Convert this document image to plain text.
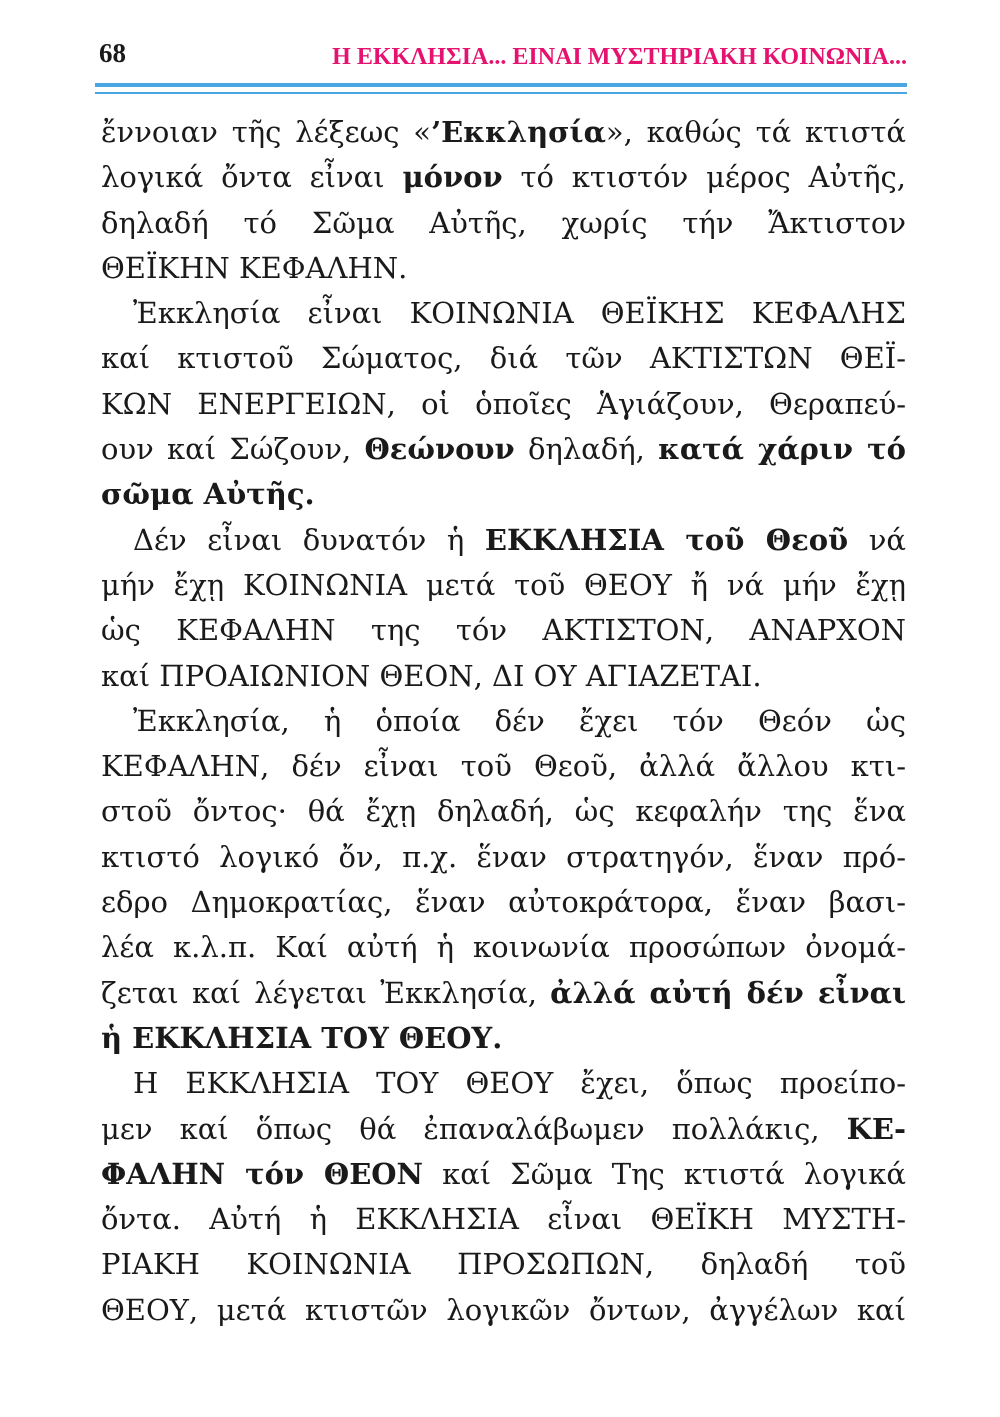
68	Η ΕΚΚΛΗΣΙΑ... ΕΙΝΑΙ ΜΥΣΤΗΡΙΑΚΗ ΚΟΙΝΩΝΙΑ...
ἔννοιαν τῆς λέξεως «’Εκκλησία», καθώς τά κτιστά
λογικά ὄντα εἶναι μόνον τό κτιστόν μέρος Αὐτῆς,
δηλαδή τό Σῶμα Αὐτῆς, χωρίς τήν Ἄκτιστον
ΘΕΪΚΗΝ ΚΕΦΑΛΗΝ.
Ἐκκλησία εἶναι ΚΟΙΝΩΝΙΑ ΘΕΪΚΗΣ ΚΕΦΑΛΗΣ
καί κτιστοῦ Σώματος, διά τῶν ΑΚΤΙΣΤΩΝ ΘΕΪ-
ΚΩΝ ΕΝΕΡΓΕΙΩΝ, οἱ ὁποῖες Ἁγιάζουν, Θεραπεύ-
ουν καί Σώζουν, Θεώνουν δηλαδή, κατά χάριν τό
σῶμα Αὐτῆς.
Δέν εἶναι δυνατόν ἡ ΕΚΚΛΗΣΙΑ τοῦ Θεοῦ νά
μήν ἔχῃ ΚΟΙΝΩΝΙΑ μετά τοῦ ΘΕΟΥ ἤ νά μήν ἔχῃ
ὡς ΚΕΦΑΛΗΝ της τόν ΑΚΤΙΣΤΟΝ, ΑΝΑΡΧΟΝ
καί ΠΡΟΑΙΩΝΙΟΝ ΘΕΟΝ, ΔΙ ΟΥ ΑΓΙΑΖΕΤΑΙ.
Ἐκκλησία, ἡ ὁποία δέν ἔχει τόν Θεόν ὡς
ΚΕΦΑΛΗΝ, δέν εἶναι τοῦ Θεοῦ, ἀλλά ἄλλου κτι-
στοῦ ὄντος· θά ἔχῃ δηλαδή, ὡς κεφαλήν της ἕνα
κτιστό λογικό ὄν, π.χ. ἕναν στρατηγόν, ἕναν πρό-
εδρο Δημοκρατίας, ἕναν αὐτοκράτορα, ἕναν βασι-
λέα κ.λ.π. Καί αὐτή ἡ κοινωνία προσώπων ὀνομά-
ζεται καί λέγεται Ἐκκλησία, ἀλλά αὐτή δέν εἶναι
ἡ ΕΚΚΛΗΣΙΑ ΤΟΥ ΘΕΟΥ.
Η ΕΚΚΛΗΣΙΑ ΤΟΥ ΘΕΟΥ ἔχει, ὅπως προείπο-
μεν καί ὅπως θά ἐπαναλάβωμεν πολλάκις, ΚΕ-
ΦΑΛΗΝ τόν ΘΕΟΝ καί Σῶμα Της κτιστά λογικά
ὄντα. Αὐτή ἡ ΕΚΚΛΗΣΙΑ εἶναι ΘΕΪΚΗ ΜΥΣΤΗ-
ΡΙΑΚΗ ΚΟΙΝΩΝΙΑ ΠΡΟΣΩΠΩΝ, δηλαδή τοῦ
ΘΕΟΥ, μετά κτιστῶν λογικῶν ὄντων, ἀγγέλων καί
